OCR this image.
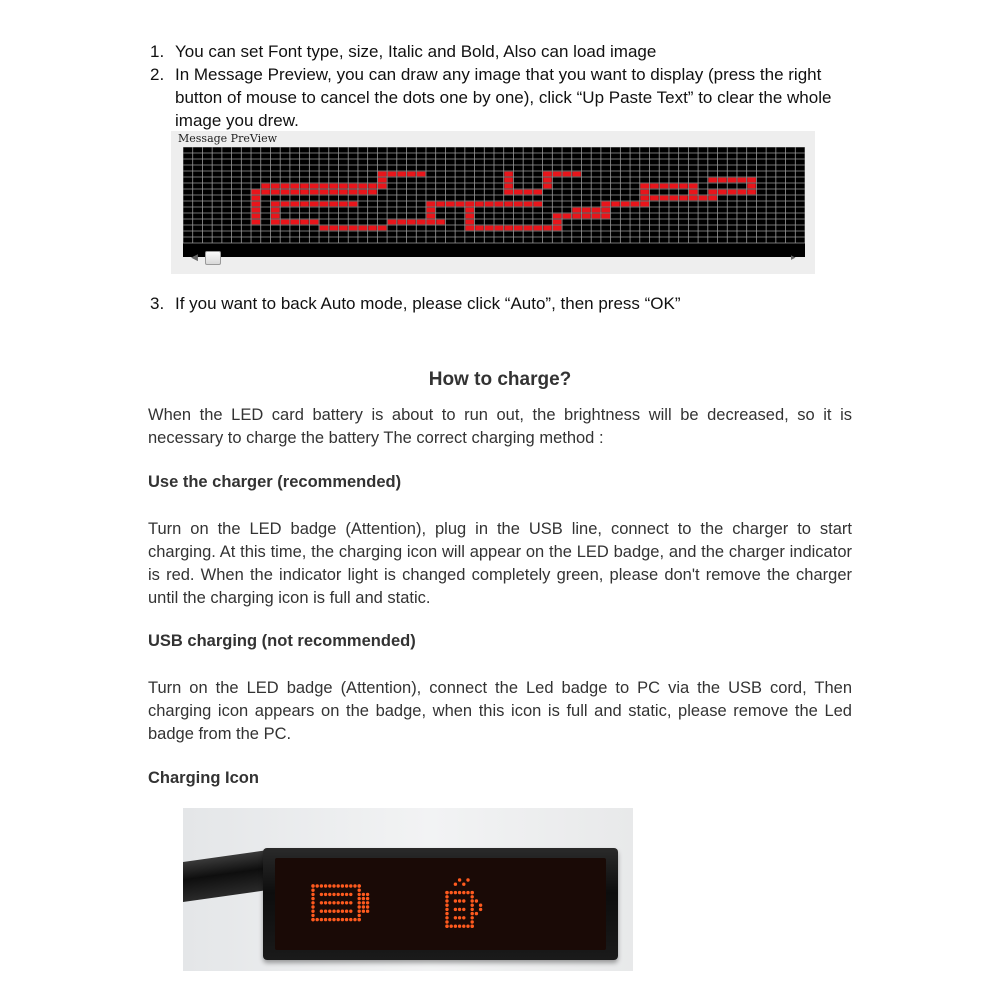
1. You can set Font type, size, Italic and Bold, Also can load image
2. In Message Preview, you can draw any image that you want to display (press the right button of mouse to cancel the dots one by one), click “Up Paste Text” to clear the whole image you drew.
Message PreView
◀	▸
3. If you want to back Auto mode, please click “Auto”, then press “OK”
How to charge?
When the LED card battery is about to run out, the brightness will be decreased, so it is necessary to charge the battery The correct charging method :
Use the charger (recommended)
Turn on the LED badge (Attention), plug in the USB line, connect to the charger to start charging. At this time, the charging icon will appear on the LED badge, and the charger indicator is red. When the indicator light is changed completely green, please don't remove the charger until the charging icon is full and static.
USB charging (not recommended)
Turn on the LED badge (Attention), connect the Led badge to PC via the USB cord, Then charging icon appears on the badge, when this icon is full and static, please remove the Led badge from the PC.
Charging Icon
